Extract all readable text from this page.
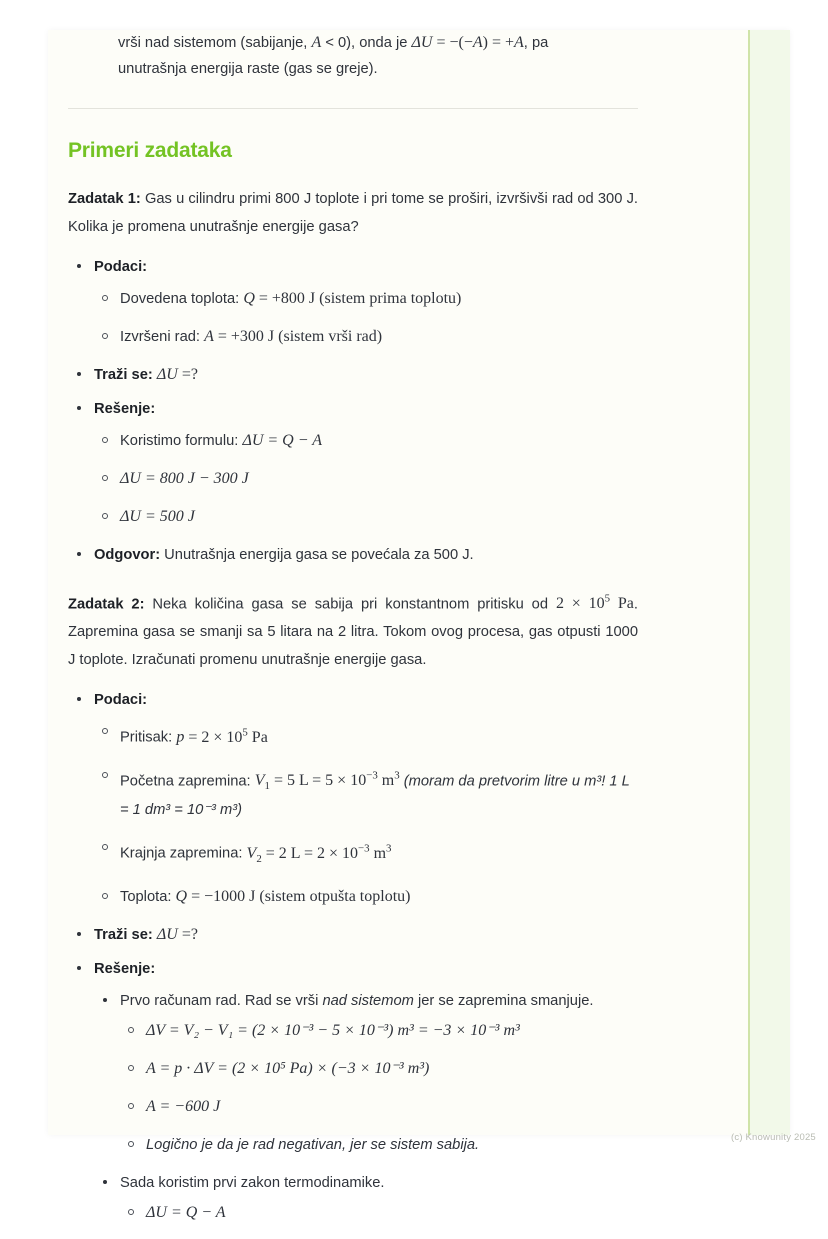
(c) Knowunity 2025

vrši nad sistemom (sabijanje, A < 0), onda je ΔU = −(−A) = +A, pa
unutrašnja energija raste (gas se greje).

Primeri zadataka

Zadatak 1: Gas u cilindru primi 800 J toplote i pri tome se proširi, izvršivši rad od 300 J. Kolika je promena unutrašnje energije gasa?

Podaci:
Dovedena toplota: Q = +800 J (sistem prima toplotu)
Izvršeni rad: A = +300 J (sistem vrši rad)
Traži se: ΔU =?
Rešenje:
Koristimo formulu: ΔU = Q − A
ΔU = 800 J − 300 J
ΔU = 500 J
Odgovor: Unutrašnja energija gasa se povećala za 500 J.

Zadatak 2: Neka količina gasa se sabija pri konstantnom pritisku od $2 \times 10^5$ Pa. Zapremina gasa se smanji sa 5 litara na 2 litra. Tokom ovog procesa, gas otpusti 1000 J toplote. Izračunati promenu unutrašnje energije gasa.

Podaci:
Pritisak: $p = 2 \times 10^5$ Pa
Početna zapremina: $V_1 = 5$ $L = 5 \times 10^{-3}$ $m^3$ (moram da pretvorim litre u m³! 1 L = 1 dm³ = 10⁻³ m³)
Krajnja zapremina: $V_2 = 2$ $L = 2 \times 10^{-3}$ $m^3$
Toplota: Q = −1000 J (sistem otpušta toplotu)
Traži se: ΔU =?
Rešenje:
Prvo računam rad. Rad se vrši nad sistemom jer se zapremina smanjuje.
ΔV = V₂ − V₁ = (2 × 10⁻³ − 5 × 10⁻³) m³ = −3 × 10⁻³ m³
A = p · ΔV = (2 × 10⁵ Pa) × (−3 × 10⁻³ m³)
A = −600 J
Logično je da je rad negativan, jer se sistem sabija.
Sada koristim prvi zakon termodinamike.
ΔU = Q − A
